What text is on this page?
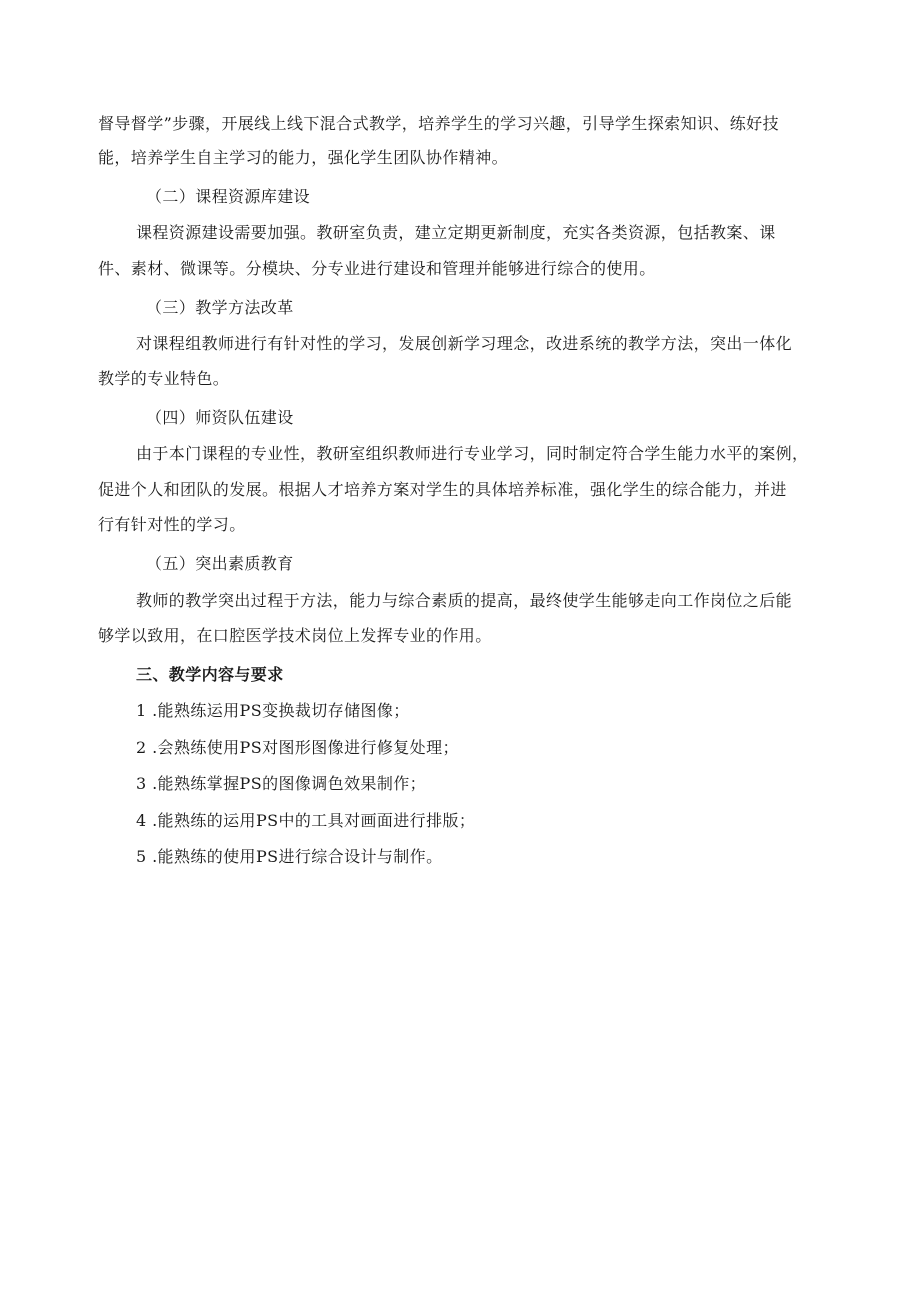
督导督学”步骤，开展线上线下混合式教学，培养学生的学习兴趣，引导学生探索知识、练好技
能，培养学生自主学习的能力，强化学生团队协作精神。
（二）课程资源库建设
课程资源建设需要加强。教研室负责，建立定期更新制度，充实各类资源，包括教案、课
件、素材、微课等。分模块、分专业进行建设和管理并能够进行综合的使用。
（三）教学方法改革
对课程组教师进行有针对性的学习，发展创新学习理念，改进系统的教学方法，突出一体化
教学的专业特色。
（四）师资队伍建设
由于本门课程的专业性，教研室组织教师进行专业学习，同时制定符合学生能力水平的案例，
促进个人和团队的发展。根据人才培养方案对学生的具体培养标准，强化学生的综合能力，并进
行有针对性的学习。
（五）突出素质教育
教师的教学突出过程于方法，能力与综合素质的提高，最终使学生能够走向工作岗位之后能
够学以致用，在口腔医学技术岗位上发挥专业的作用。
三、教学内容与要求
1 .能熟练运用PS变换裁切存储图像；
2 .会熟练使用PS对图形图像进行修复处理；
3 .能熟练掌握PS的图像调色效果制作；
4 .能熟练的运用PS中的工具对画面进行排版；
5 .能熟练的使用PS进行综合设计与制作。
